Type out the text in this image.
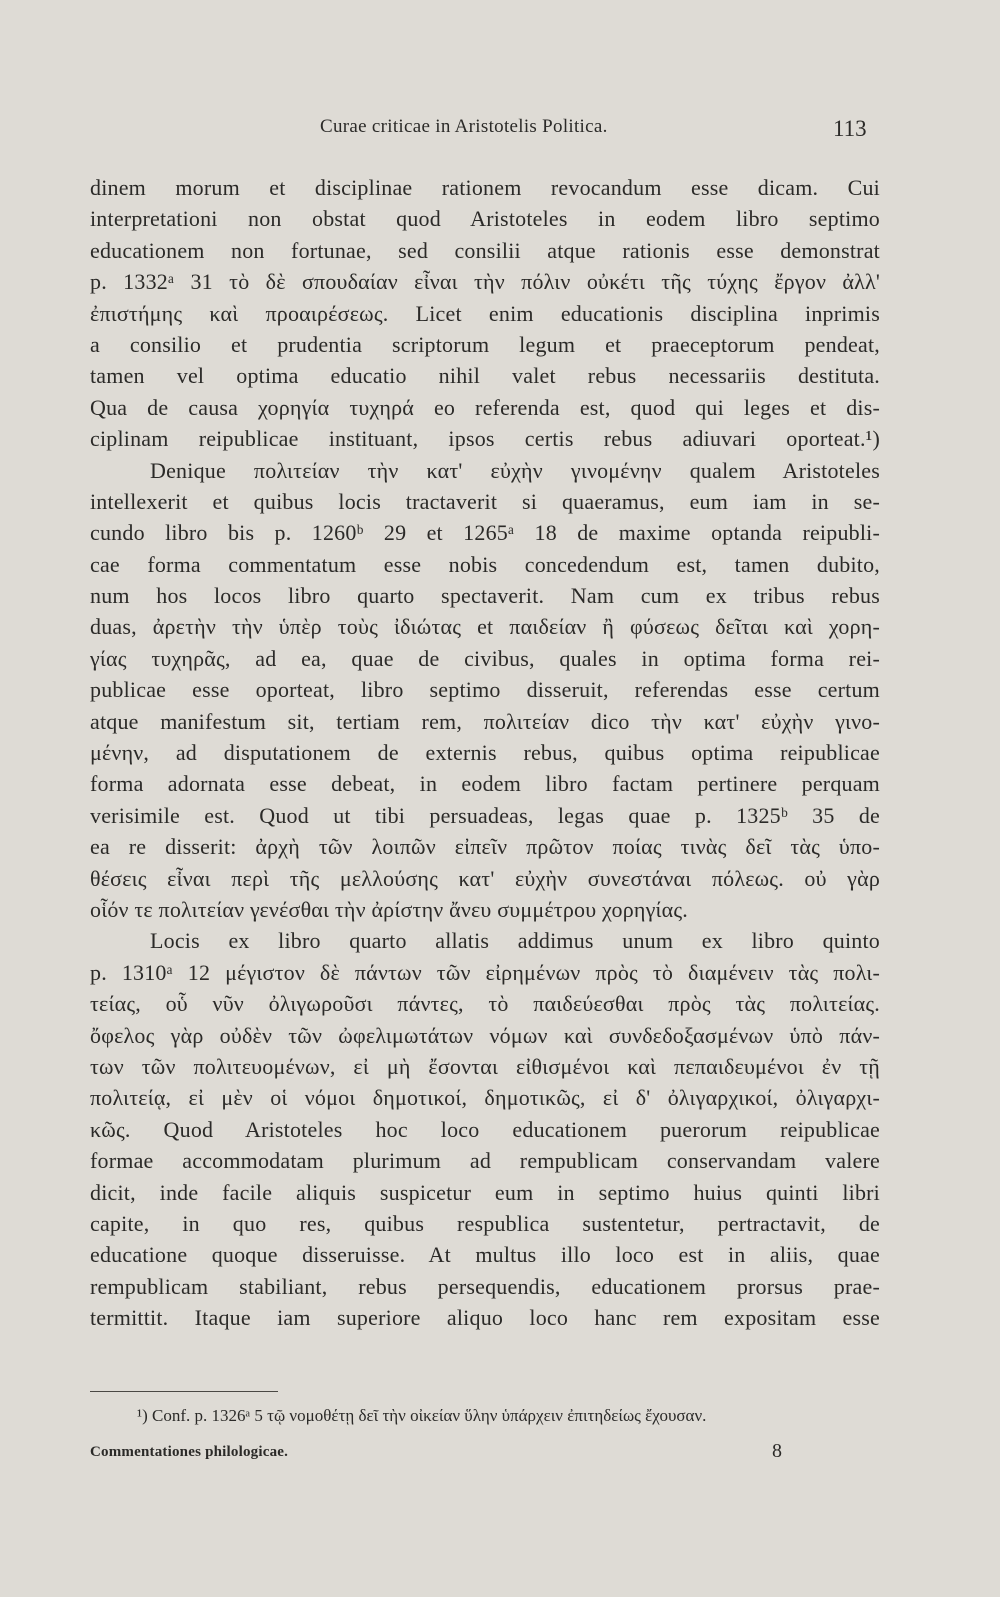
Curae criticae in Aristotelis Politica.	113
dinem morum et disciplinae rationem revocandum esse dicam. Cui
interpretationi non obstat quod Aristoteles in eodem libro septimo
educationem non fortunae, sed consilii atque rationis esse demonstrat
p. 1332ᵃ 31 τὸ δὲ σπουδαίαν εἶναι τὴν πόλιν οὐκέτι τῆς τύχης ἔργον ἀλλ'
ἐπιστήμης καὶ προαιρέσεως. Licet enim educationis disciplina inprimis
a consilio et prudentia scriptorum legum et praeceptorum pendeat,
tamen vel optima educatio nihil valet rebus necessariis destituta.
Qua de causa χορηγία τυχηρά eo referenda est, quod qui leges et dis-
ciplinam reipublicae instituant, ipsos certis rebus adiuvari oporteat.¹)
Denique πολιτείαν τὴν κατ' εὐχὴν γινομένην qualem Aristoteles
intellexerit et quibus locis tractaverit si quaeramus, eum iam in se-
cundo libro bis p. 1260ᵇ 29 et 1265ᵃ 18 de maxime optanda reipubli-
cae forma commentatum esse nobis concedendum est, tamen dubito,
num hos locos libro quarto spectaverit. Nam cum ex tribus rebus
duas, ἀρετὴν τὴν ὑπὲρ τοὺς ἰδιώτας et παιδείαν ἢ φύσεως δεῖται καὶ χορη-
γίας τυχηρᾶς, ad ea, quae de civibus, quales in optima forma rei-
publicae esse oporteat, libro septimo disseruit, referendas esse certum
atque manifestum sit, tertiam rem, πολιτείαν dico τὴν κατ' εὐχὴν γινο-
μένην, ad disputationem de externis rebus, quibus optima reipublicae
forma adornata esse debeat, in eodem libro factam pertinere perquam
verisimile est. Quod ut tibi persuadeas, legas quae p. 1325ᵇ 35 de
ea re disserit: ἀρχὴ τῶν λοιπῶν εἰπεῖν πρῶτον ποίας τινὰς δεῖ τὰς ὑπο-
θέσεις εἶναι περὶ τῆς μελλούσης κατ' εὐχὴν συνεστάναι πόλεως. οὐ γὰρ
οἷόν τε πολιτείαν γενέσθαι τὴν ἀρίστην ἄνευ συμμέτρου χορηγίας.
Locis ex libro quarto allatis addimus unum ex libro quinto
p. 1310ᵃ 12 μέγιστον δὲ πάντων τῶν εἰρημένων πρὸς τὸ διαμένειν τὰς πολι-
τείας, οὗ νῦν ὀλιγωροῦσι πάντες, τὸ παιδεύεσθαι πρὸς τὰς πολιτείας.
ὄφελος γὰρ οὐδὲν τῶν ὠφελιμωτάτων νόμων καὶ συνδεδοξασμένων ὑπὸ πάν-
των τῶν πολιτευομένων, εἰ μὴ ἔσονται εἰθισμένοι καὶ πεπαιδευμένοι ἐν τῇ
πολιτείᾳ, εἰ μὲν οἱ νόμοι δημοτικοί, δημοτικῶς, εἰ δ' ὀλιγαρχικοί, ὀλιγαρχι-
κῶς. Quod Aristoteles hoc loco educationem puerorum reipublicae
formae accommodatam plurimum ad rempublicam conservandam valere
dicit, inde facile aliquis suspicetur eum in septimo huius quinti libri
capite, in quo res, quibus respublica sustentetur, pertractavit, de
educatione quoque disseruisse. At multus illo loco est in aliis, quae
rempublicam stabiliant, rebus persequendis, educationem prorsus prae-
termittit. Itaque iam superiore aliquo loco hanc rem expositam esse
¹) Conf. p. 1326ᵃ 5 τῷ νομοθέτῃ δεῖ τὴν οἰκείαν ὕλην ὑπάρχειν ἐπιτηδείως ἔχουσαν.
Commentationes philologicae.	8
